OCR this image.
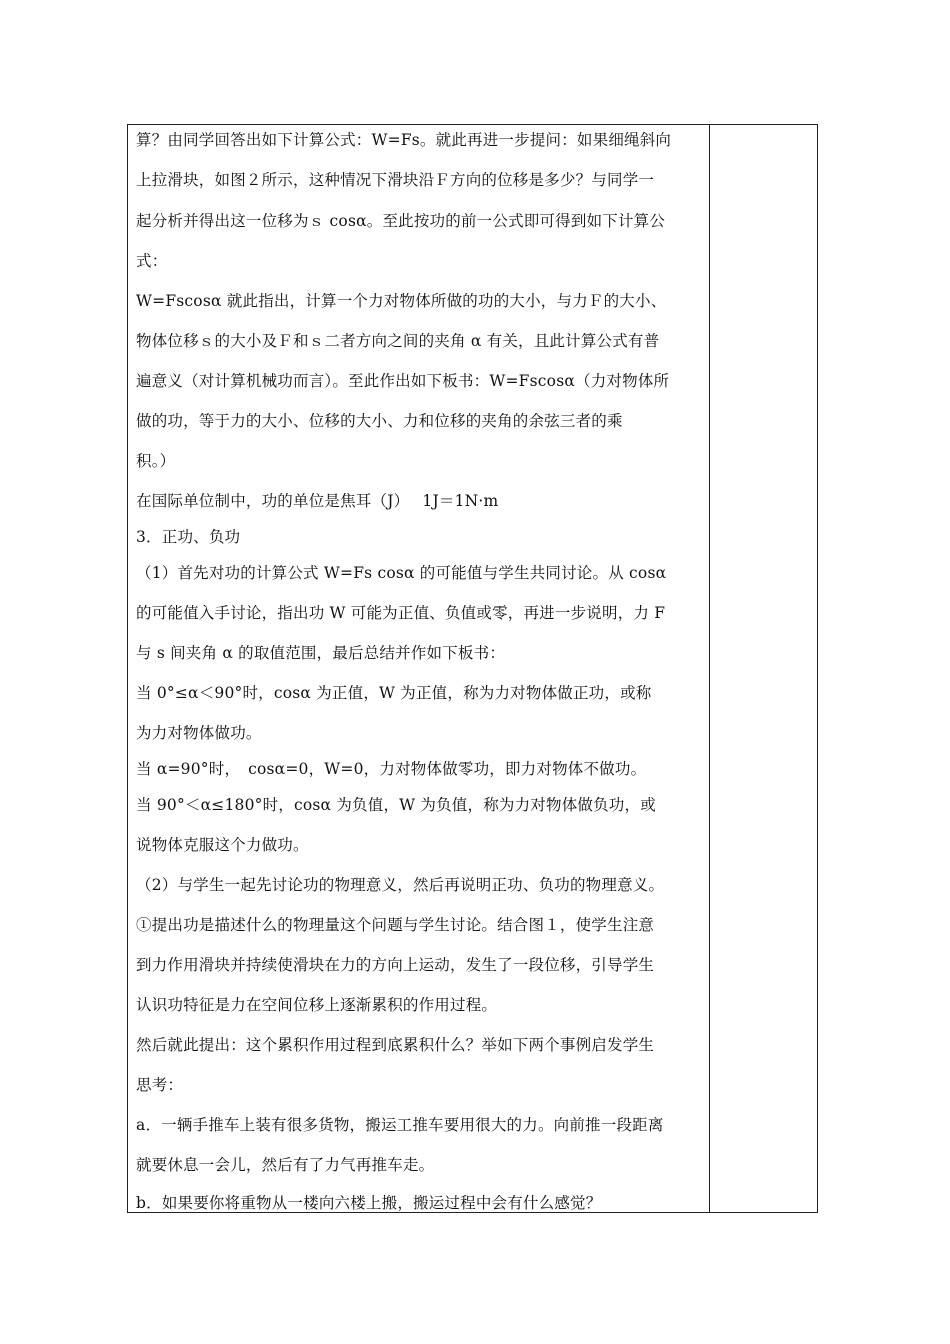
算？由同学回答出如下计算公式：W=Fs。就此再进一步提问：如果细绳斜向
上拉滑块，如图２所示，这种情况下滑块沿Ｆ方向的位移是多少？与同学一
起分析并得出这一位移为ｓ cosα。至此按功的前一公式即可得到如下计算公
式：
W=Fscosα 就此指出，计算一个力对物体所做的功的大小，与力Ｆ的大小、
物体位移ｓ的大小及Ｆ和ｓ二者方向之间的夹角 α 有关，且此计算公式有普
遍意义（对计算机械功而言）。至此作出如下板书：W=Fscosα（力对物体所
做的功，等于力的大小、位移的大小、力和位移的夹角的余弦三者的乘
积。）
在国际单位制中，功的单位是焦耳（J）　 1J＝1N·m
3．正功、负功
（1）首先对功的计算公式 W=Fs cosα 的可能值与学生共同讨论。从 cosα
的可能值入手讨论，指出功 W 可能为正值、负值或零，再进一步说明，力 F
与 s 间夹角 α 的取值范围，最后总结并作如下板书：
当 0°≤α＜90°时，cosα 为正值，W 为正值，称为力对物体做正功，或称
为力对物体做功。
当 α=90°时，　cosα=0，W=0，力对物体做零功，即力对物体不做功。
当 90°＜α≤180°时，cosα 为负值，W 为负值，称为力对物体做负功，或
说物体克服这个力做功。
（2）与学生一起先讨论功的物理意义，然后再说明正功、负功的物理意义。
①提出功是描述什么的物理量这个问题与学生讨论。结合图１，使学生注意
到力作用滑块并持续使滑块在力的方向上运动，发生了一段位移，引导学生
认识功特征是力在空间位移上逐渐累积的作用过程。
然后就此提出：这个累积作用过程到底累积什么？举如下两个事例启发学生
思考：
a．一辆手推车上装有很多货物，搬运工推车要用很大的力。向前推一段距离
就要休息一会儿，然后有了力气再推车走。
b．如果要你将重物从一楼向六楼上搬，搬运过程中会有什么感觉？
